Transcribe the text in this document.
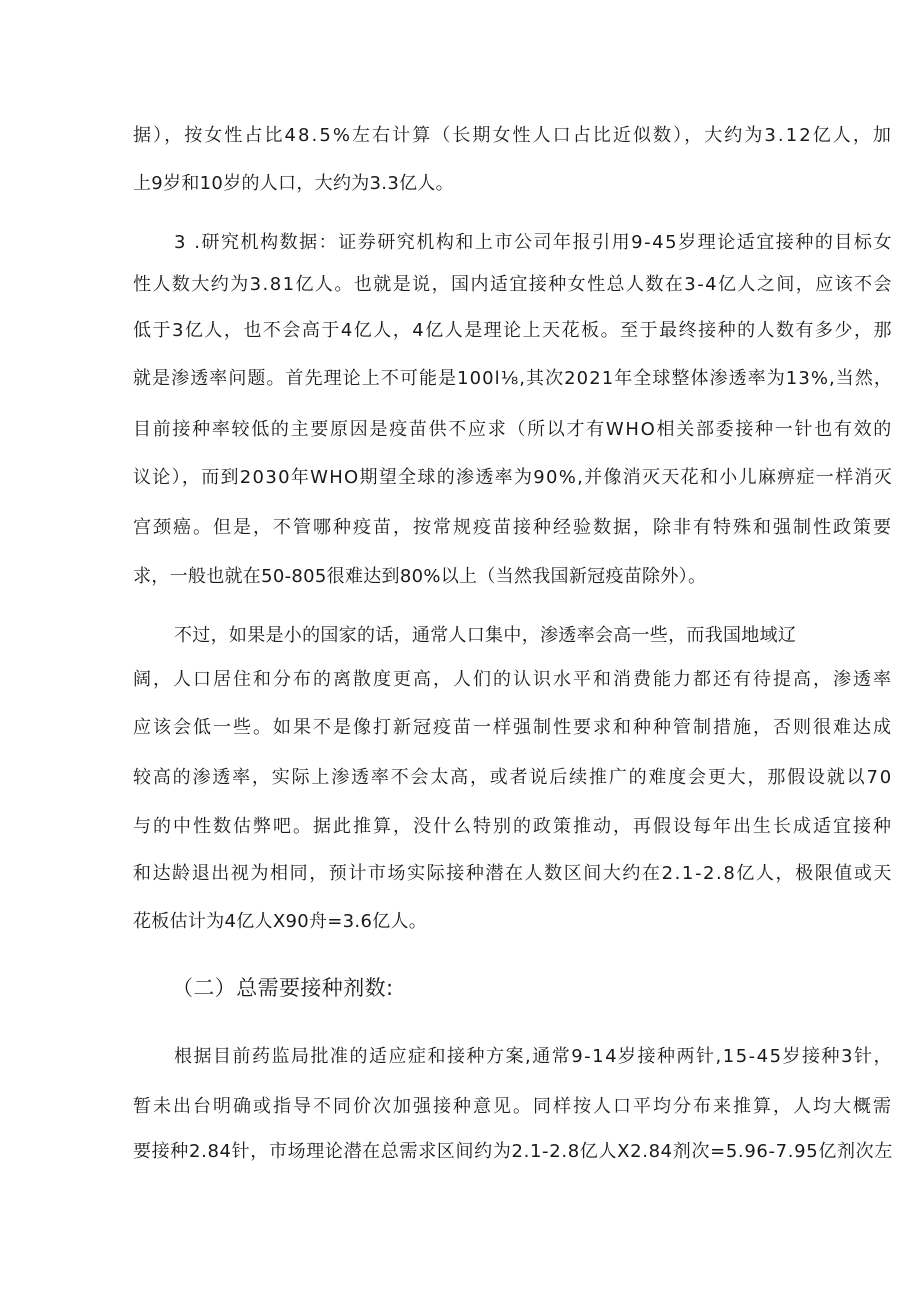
据），按女性占比48.5%左右计算（长期女性人口占比近似数），大约为3.12亿人，加

上9岁和10岁的人口，大约为3.3亿人。

3 .研究机构数据：证券研究机构和上市公司年报引用9-45岁理论适宜接种的目标女

性人数大约为3.81亿人。也就是说，国内适宜接种女性总人数在3-4亿人之间，应该不会

低于3亿人，也不会高于4亿人，4亿人是理论上天花板。至于最终接种的人数有多少，那

就是渗透率问题。首先理论上不可能是100l⅛,其次2021年全球整体渗透率为13%,当然，

目前接种率较低的主要原因是疫苗供不应求（所以才有WHO相关部委接种一针也有效的

议论），而到2030年WHO期望全球的渗透率为90%,并像消灭天花和小儿麻痹症一样消灭

宫颈癌。但是，不管哪种疫苗，按常规疫苗接种经验数据，除非有特殊和强制性政策要

求，一般也就在50-805很难达到80%以上（当然我国新冠疫苗除外）。

不过，如果是小的国家的话，通常人口集中，渗透率会高一些，而我国地域辽

阔，人口居住和分布的离散度更高，人们的认识水平和消费能力都还有待提高，渗透率

应该会低一些。如果不是像打新冠疫苗一样强制性要求和种种管制措施，否则很难达成

较高的渗透率，实际上渗透率不会太高，或者说后续推广的难度会更大，那假设就以70

与的中性数估弊吧。据此推算，没什么特别的政策推动，再假设每年出生长成适宜接种

和达龄退出视为相同，预计市场实际接种潜在人数区间大约在2.1-2.8亿人，极限值或天

花板估计为4亿人X90舟=3.6亿人。

（二）总需要接种剂数:

根据目前药监局批准的适应症和接种方案,通常9-14岁接种两针,15-45岁接种3针，

暂未出台明确或指导不同价次加强接种意见。同样按人口平均分布来推算，人均大概需

要接种2.84针，市场理论潜在总需求区间约为2.1-2.8亿人X2.84剂次=5.96-7.95亿剂次左
